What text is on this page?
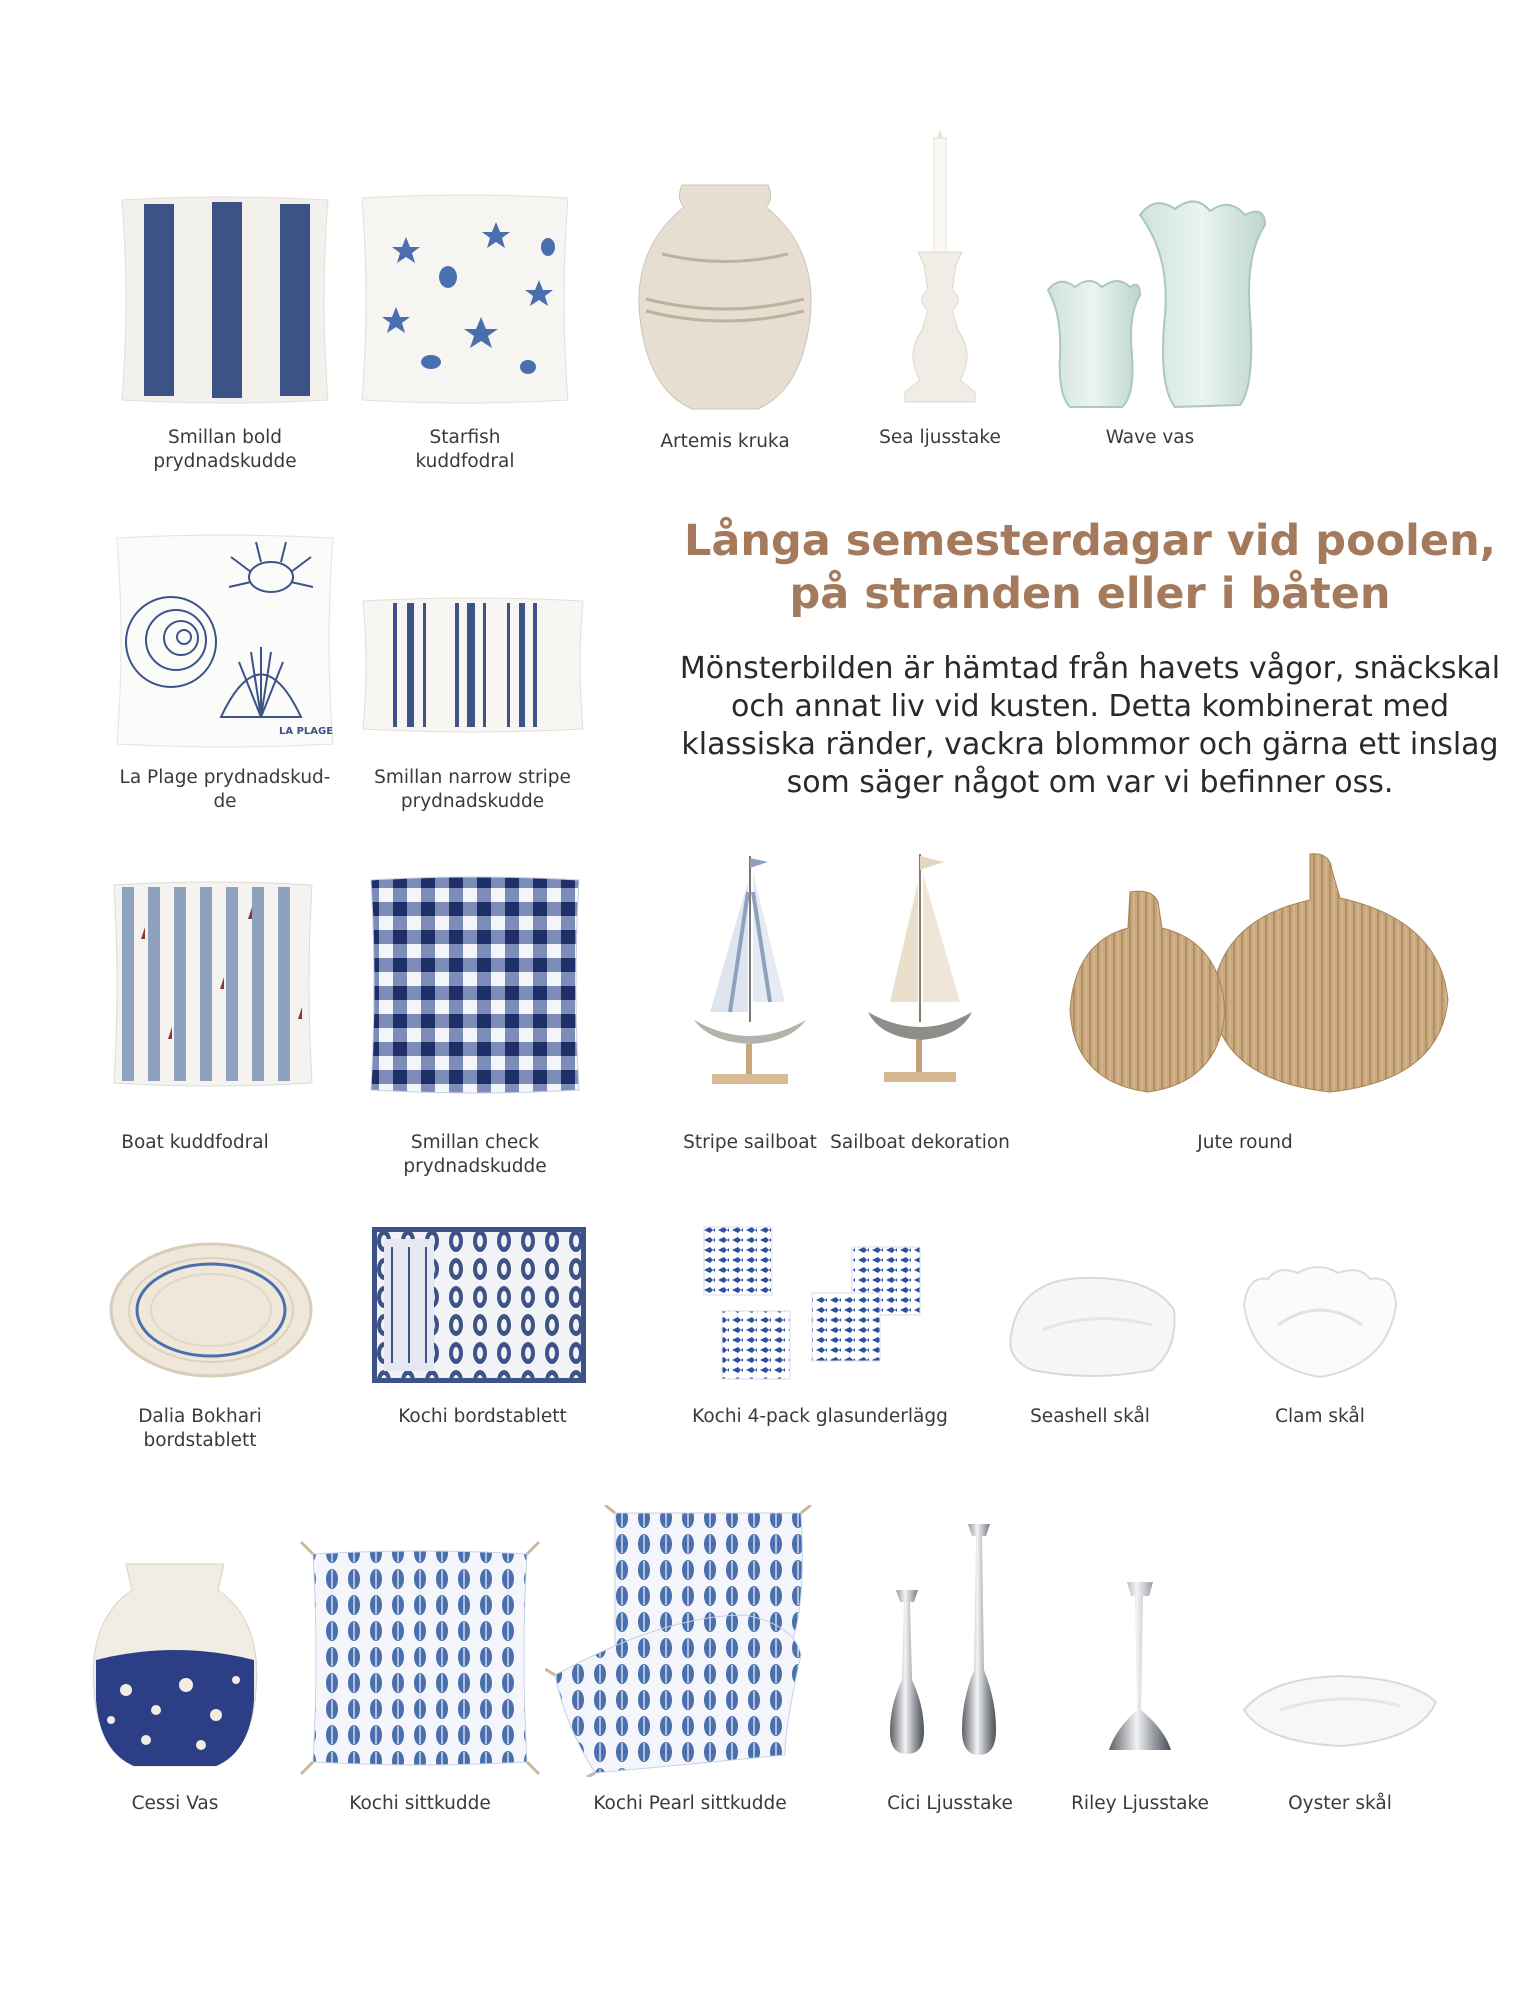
Smillan bold
prydnadskudde
Starfish
kuddfodral
Artemis kruka	Sea ljusstake	Wave vas
LA PLAGE
La Plage prydnadskud-
de
Smillan narrow stripe
prydnadskudde
Långa semesterdagar vid poolen,
på stranden eller i båten
Mönsterbilden är hämtad från havets vågor, snäckskal och annat liv vid kusten. Detta kombinerat med klassiska ränder, vackra blommor och gärna ett inslag som säger något om var vi befinner oss.
Boat kuddfodral	Smillan check
prydnadskudde
Stripe sailboat Sailboat dekoration	Jute round
Dalia Bokhari
bordstablett
Kochi bordstablett	Kochi 4-pack glasunderlägg	Seashell skål	Clam skål
Cessi Vas	Kochi sittkudde	Kochi Pearl sittkudde	Cici Ljusstake	Riley Ljusstake	Oyster skål
